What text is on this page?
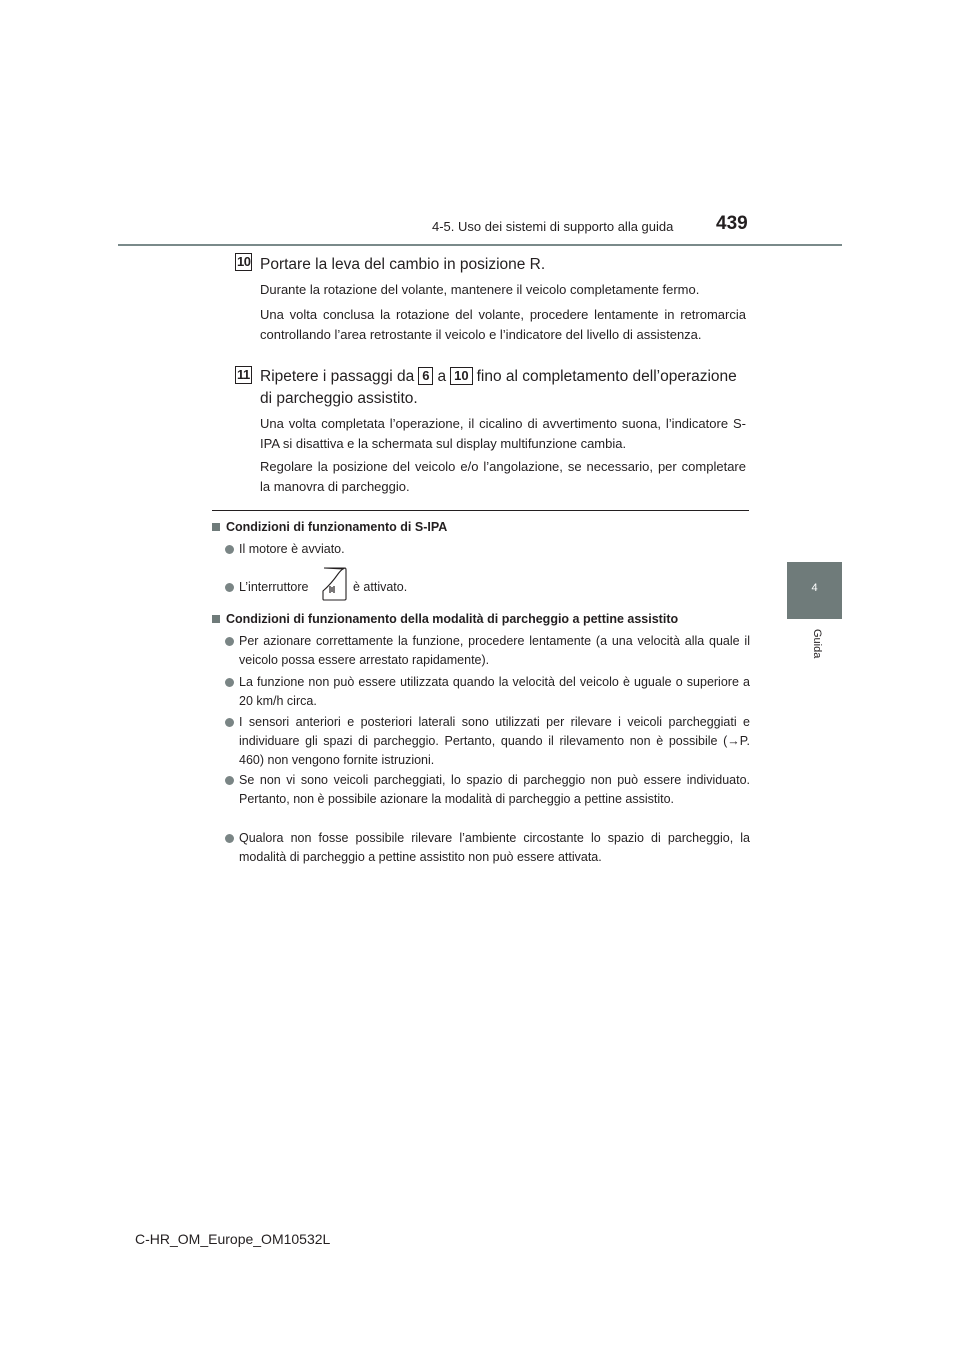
4-5. Uso dei sistemi di supporto alla guida 439
4
Guida
10 Portare la leva del cambio in posizione R.
Durante la rotazione del volante, mantenere il veicolo completamente fermo.
Una volta conclusa la rotazione del volante, procedere lentamente in retromarcia controllando l’area retrostante il veicolo e l’indicatore del livello di assistenza.
11 Ripetere i passaggi da 6 a 10 fino al completamento dell’operazione di parcheggio assistito.
Una volta completata l’operazione, il cicalino di avvertimento suona, l’indicatore S-IPA si disattiva e la schermata sul display multifunzione cambia.
Regolare la posizione del veicolo e/o l’angolazione, se necessario, per completare la manovra di parcheggio.
Condizioni di funzionamento di S-IPA
Il motore è avviato.
L’interruttore	è attivato.
Condizioni di funzionamento della modalità di parcheggio a pettine assistito
Per azionare correttamente la funzione, procedere lentamente (a una velocità alla quale il veicolo possa essere arrestato rapidamente).
La funzione non può essere utilizzata quando la velocità del veicolo è uguale o superiore a 20 km/h circa.
I sensori anteriori e posteriori laterali sono utilizzati per rilevare i veicoli parcheggiati e individuare gli spazi di parcheggio. Pertanto, quando il rilevamento non è possibile (→P. 460) non vengono fornite istruzioni.
Se non vi sono veicoli parcheggiati, lo spazio di parcheggio non può essere individuato. Pertanto, non è possibile azionare la modalità di parcheggio a pettine assistito.
Qualora non fosse possibile rilevare l’ambiente circostante lo spazio di parcheggio, la modalità di parcheggio a pettine assistito non può essere attivata.
C-HR_OM_Europe_OM10532L
